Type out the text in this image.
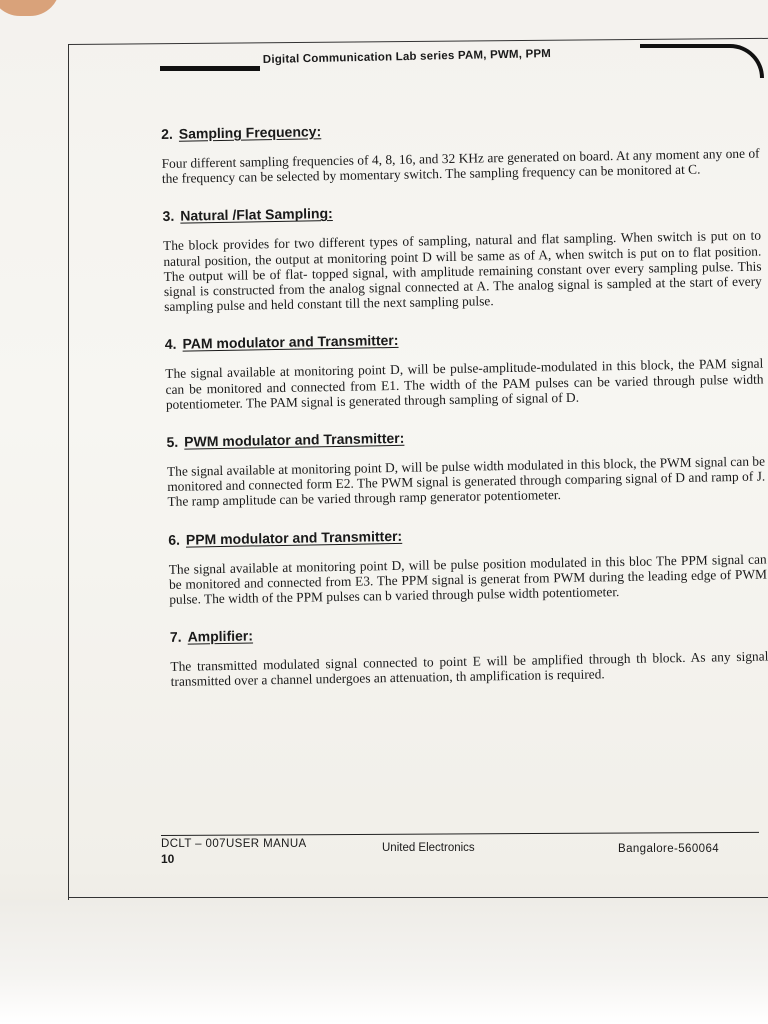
Digital Communication Lab series PAM, PWM, PPM

2. Sampling Frequency:

Four different sampling frequencies of 4, 8, 16, and 32 KHz are generated on board. At any moment any one of the frequency can be selected by momentary switch. The sampling frequency can be monitored at C.

3. Natural /Flat Sampling:

The block provides for two different types of sampling, natural and flat sampling. When switch is put on to natural position, the output at monitoring point D will be same as of A, when switch is put on to flat position. The output will be of flat- topped signal, with amplitude remaining constant over every sampling pulse. This signal is constructed from the analog signal connected at A. The analog signal is sampled at the start of every sampling pulse and held constant till the next sampling pulse.

4. PAM modulator and Transmitter:

The signal available at monitoring point D, will be pulse-amplitude-modulated in this block, the PAM signal can be monitored and connected from E1. The width of the PAM pulses can be varied through pulse width potentiometer. The PAM signal is generated through sampling of signal of D.

5. PWM modulator and Transmitter:

The signal available at monitoring point D, will be pulse width modulated in this block, the PWM signal can be monitored and connected form E2. The PWM signal is generated through comparing signal of D and ramp of J. The ramp amplitude can be varied through ramp generator potentiometer.

6. PPM modulator and Transmitter:

The signal available at monitoring point D, will be pulse position modulated in this bloc The PPM signal can be monitored and connected from E3. The PPM signal is generat from PWM during the leading edge of PWM pulse. The width of the PPM pulses can b varied through pulse width potentiometer.

7. Amplifier:

The transmitted modulated signal connected to point E will be amplified through th block. As any signal transmitted over a channel undergoes an attenuation, th amplification is required.

DCLT – 007USER MANUA
10
United Electronics	Bangalore-560064
